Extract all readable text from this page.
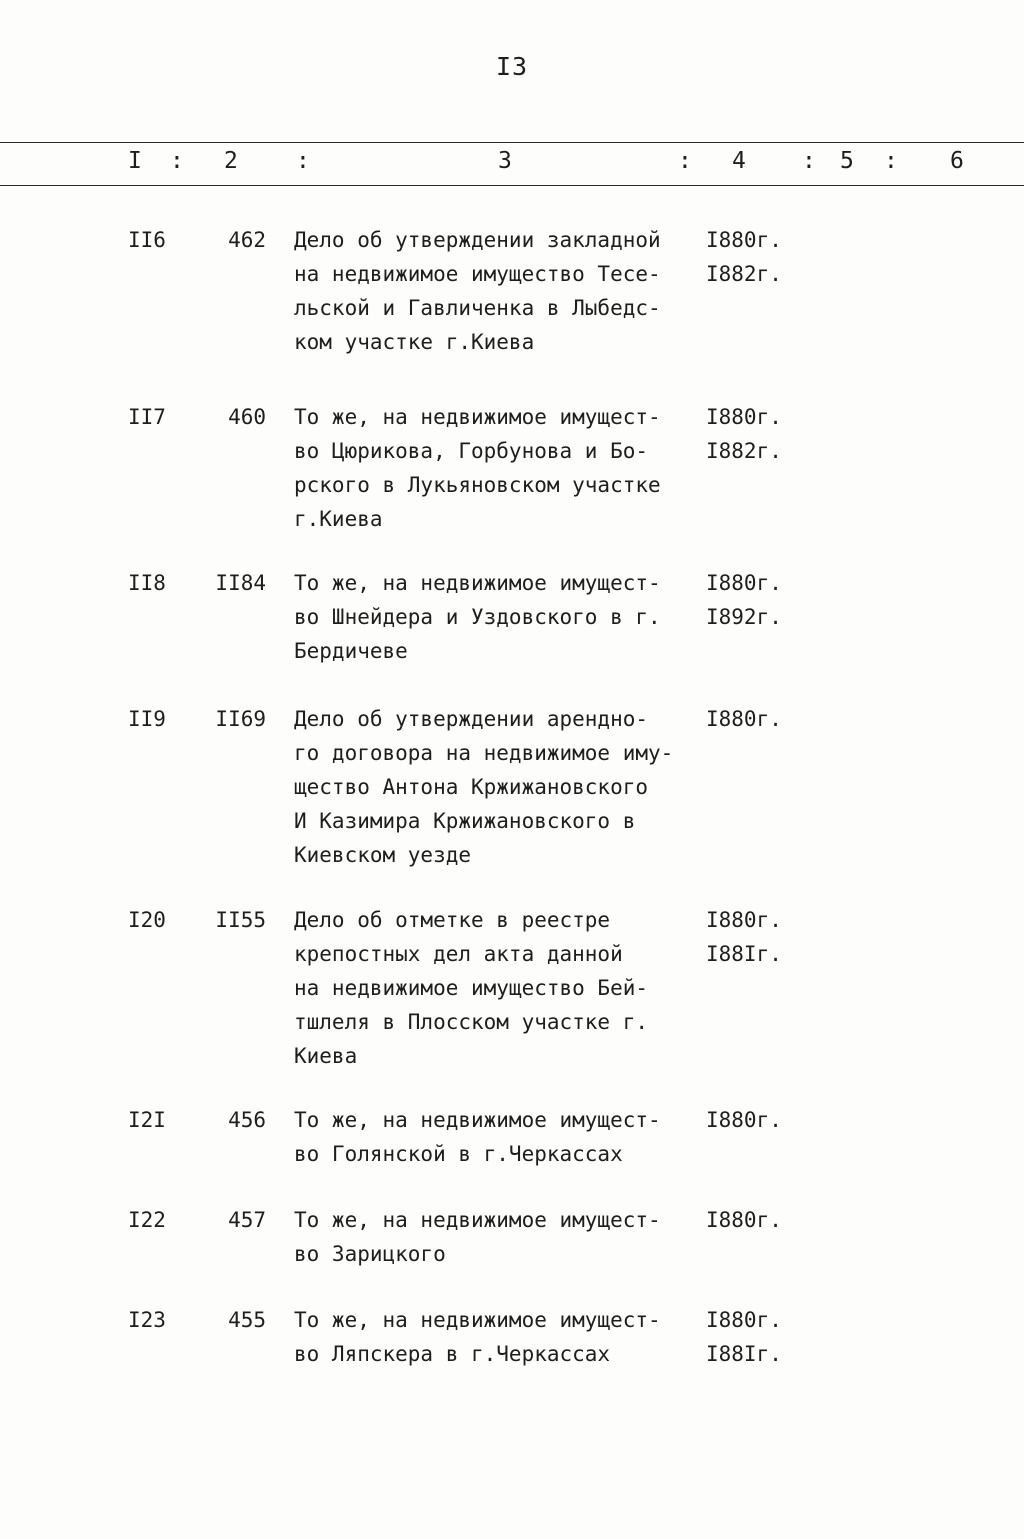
I3
I : 2	:	3	: 4 : 5 : 6
II6	462 Дело об утверждении закладной
на недвижимое имущество Тесе-
льской и Гавличенка в Лыбедс-
ком участке г.Киева
I880г.
I882г.
II7	460 То же, на недвижимое имущест-
во Цюрикова, Горбунова и Бо-
рского в Лукьяновском участке
г.Киева
I880г.
I882г.
II8	II84 То же, на недвижимое имущест-
во Шнейдера и Уздовского в г.
Бердичеве
I880г.
I892г.
II9	II69 Дело об утверждении арендно-
го договора на недвижимое иму-
щество Антона Кржижановского
И Казимира Кржижановского в
Киевском уезде
I880г.
I20	II55 Дело об отметке в реестре
крепостных дел акта данной
на недвижимое имущество Бей-
тшлеля в Плосском участке г.
Киева
I880г.
I88Iг.
I2I	456 То же, на недвижимое имущест-
во Голянской в г.Черкассах
I880г.
I22	457 То же, на недвижимое имущест-
во Зарицкого
I880г.
I23	455 То же, на недвижимое имущест-
во Ляпскера в г.Черкассах
I880г.
I88Iг.
